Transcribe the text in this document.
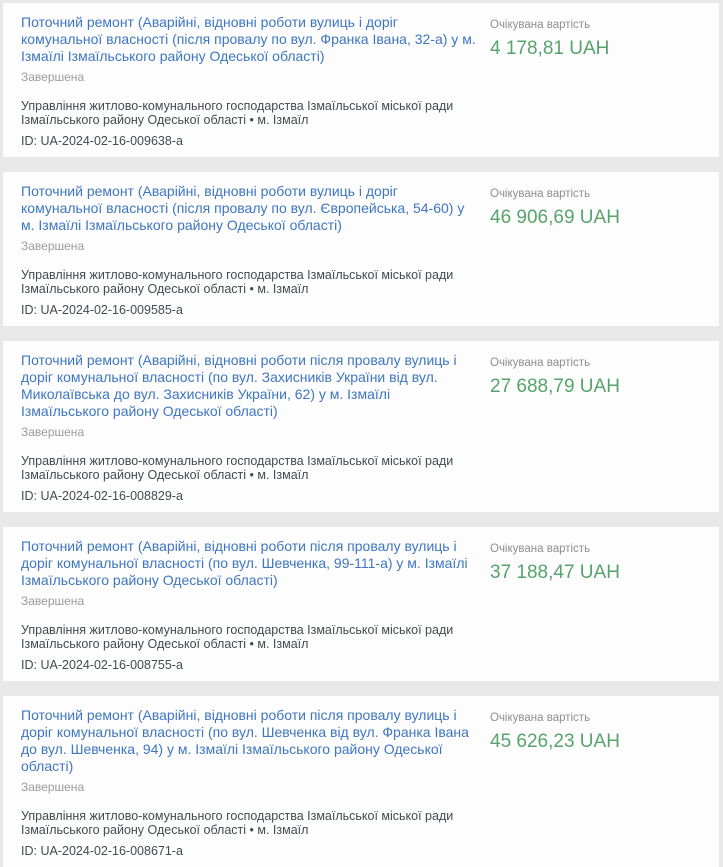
Поточний ремонт (Аварійні, відновні роботи вулиць і доріг комунальної власності (після провалу по вул. Франка Івана, 32-а) у м. Ізмаїлі Ізмаїльського району Одеської області)
Завершена
Управління житлово-комунального господарства Ізмаїльської міської ради Ізмаїльського району Одеської області • м. Ізмаїл
ID: UA-2024-02-16-009638-a
Очікувана вартість
4 178,81 UAH
Поточний ремонт (Аварійні, відновні роботи вулиць і доріг комунальної власності (після провалу по вул. Європейська, 54-60) у м. Ізмаїлі Ізмаїльського району Одеської області)
Завершена
Управління житлово-комунального господарства Ізмаїльської міської ради Ізмаїльського району Одеської області • м. Ізмаїл
ID: UA-2024-02-16-009585-a
Очікувана вартість
46 906,69 UAH
Поточний ремонт (Аварійні, відновні роботи після провалу вулиць і доріг комунальної власності (по вул. Захисників України від вул. Миколаївська до вул. Захисників України, 62) у м. Ізмаїлі Ізмаїльського району Одеської області)
Завершена
Управління житлово-комунального господарства Ізмаїльської міської ради Ізмаїльського району Одеської області • м. Ізмаїл
ID: UA-2024-02-16-008829-a
Очікувана вартість
27 688,79 UAH
Поточний ремонт (Аварійні, відновні роботи після провалу вулиць і доріг комунальної власності (по вул. Шевченка, 99-111-а) у м. Ізмаїлі Ізмаїльського району Одеської області)
Завершена
Управління житлово-комунального господарства Ізмаїльської міської ради Ізмаїльського району Одеської області • м. Ізмаїл
ID: UA-2024-02-16-008755-a
Очікувана вартість
37 188,47 UAH
Поточний ремонт (Аварійні, відновні роботи після провалу вулиць і доріг комунальної власності (по вул. Шевченка від вул. Франка Івана до вул. Шевченка, 94) у м. Ізмаїлі Ізмаїльського району Одеської області)
Завершена
Управління житлово-комунального господарства Ізмаїльської міської ради Ізмаїльського району Одеської області • м. Ізмаїл
ID: UA-2024-02-16-008671-a
Очікувана вартість
45 626,23 UAH
